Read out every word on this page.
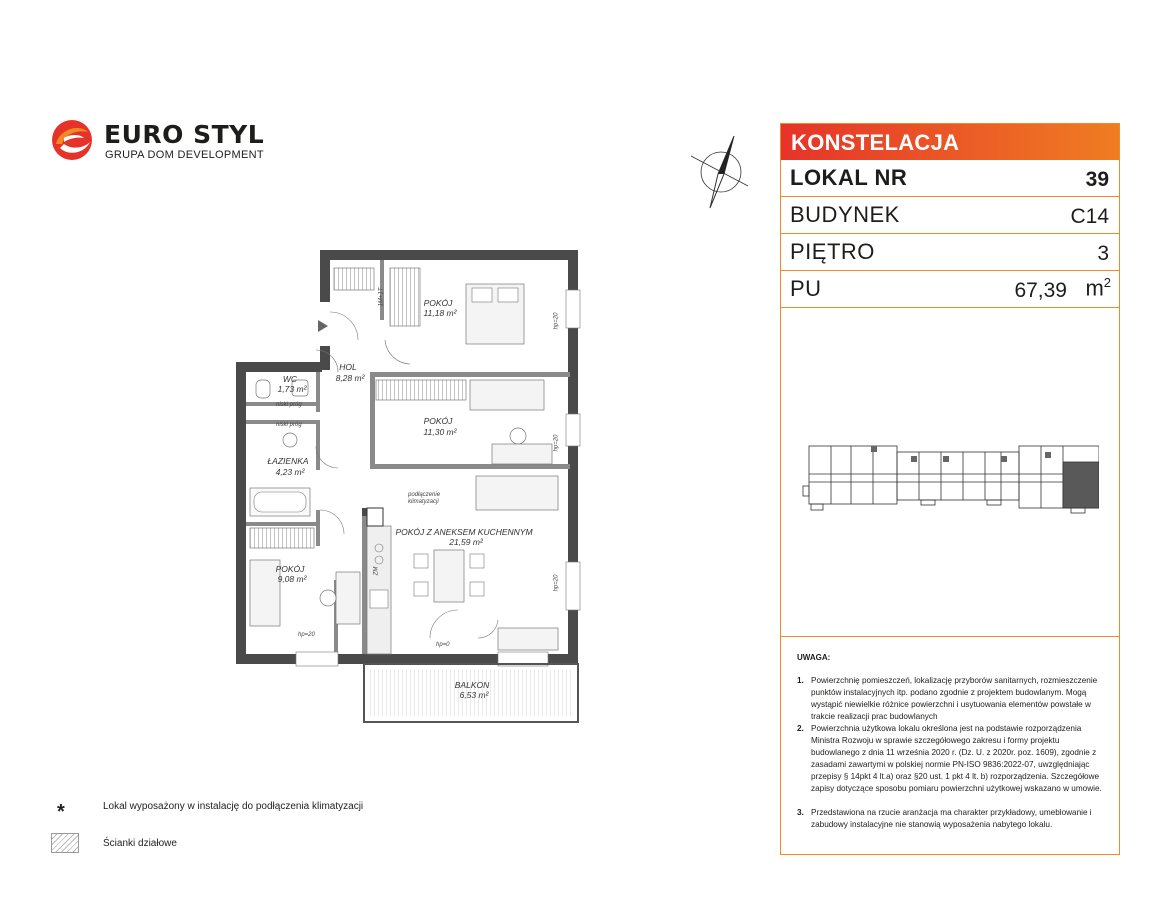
EURO STYL
GRUPA DOM DEVELOPMENT	KONSTELACJA
LOKAL NR	39
BUDYNEK	C14
PIĘTRO	3
PU	67,39 $m^2$
UWAGA:
1. Powierzchnię pomieszczeń, lokalizację przyborów sanitarnych, rozmieszczenie punktów instalacyjnych itp. podano zgodnie z projektem budowlanym. Mogą wystąpić niewielkie różnice powierzchni i usytuowania elementów powstałe w trakcie realizacji prac budowlanych
2. Powierzchnia użytkowa lokalu określona jest na podstawie rozporządzenia Ministra Rozwoju w sprawie szczegółowego zakresu i formy projektu budowlanego z dnia 11 września 2020 r. (Dz. U. z 2020r. poz. 1609), zgodnie z zasadami zawartymi w polskiej normie PN-ISO 9836:2022-07, uwzględniając przepisy § 14pkt 4 lt.a) oraz §20 ust. 1 pkt 4 lt. b) rozporządzenia. Szczegółowe zapisy dotyczące sposobu pomiaru powierzchni użytkowej wskazano w umowie.
3. Przedstawiona na rzucie aranżacja ma charakter przykładowy, umeblowanie i zabudowy instalacyjne nie stanowią wyposażenia nabytego lokalu.
POKÓJ
11,18 m²
HOL
8,28 m²
WC
1,73 m²
POKÓJ
11,30 m²
ŁAZIENKA
4,23 m²
POKÓJ Z ANEKSEM KUCHENNYM
21,59 m²
POKÓJ
9,08 m²
BALKON
6,53 m²
niski próg
niski próg
hp=20
hp=20
hp=20
hp=20
hp=0
ZM
podłączenie klimatyzacji
1M+1T
*	Lokal wyposażony w instalację do podłączenia klimatyzacji
Ścianki działowe
